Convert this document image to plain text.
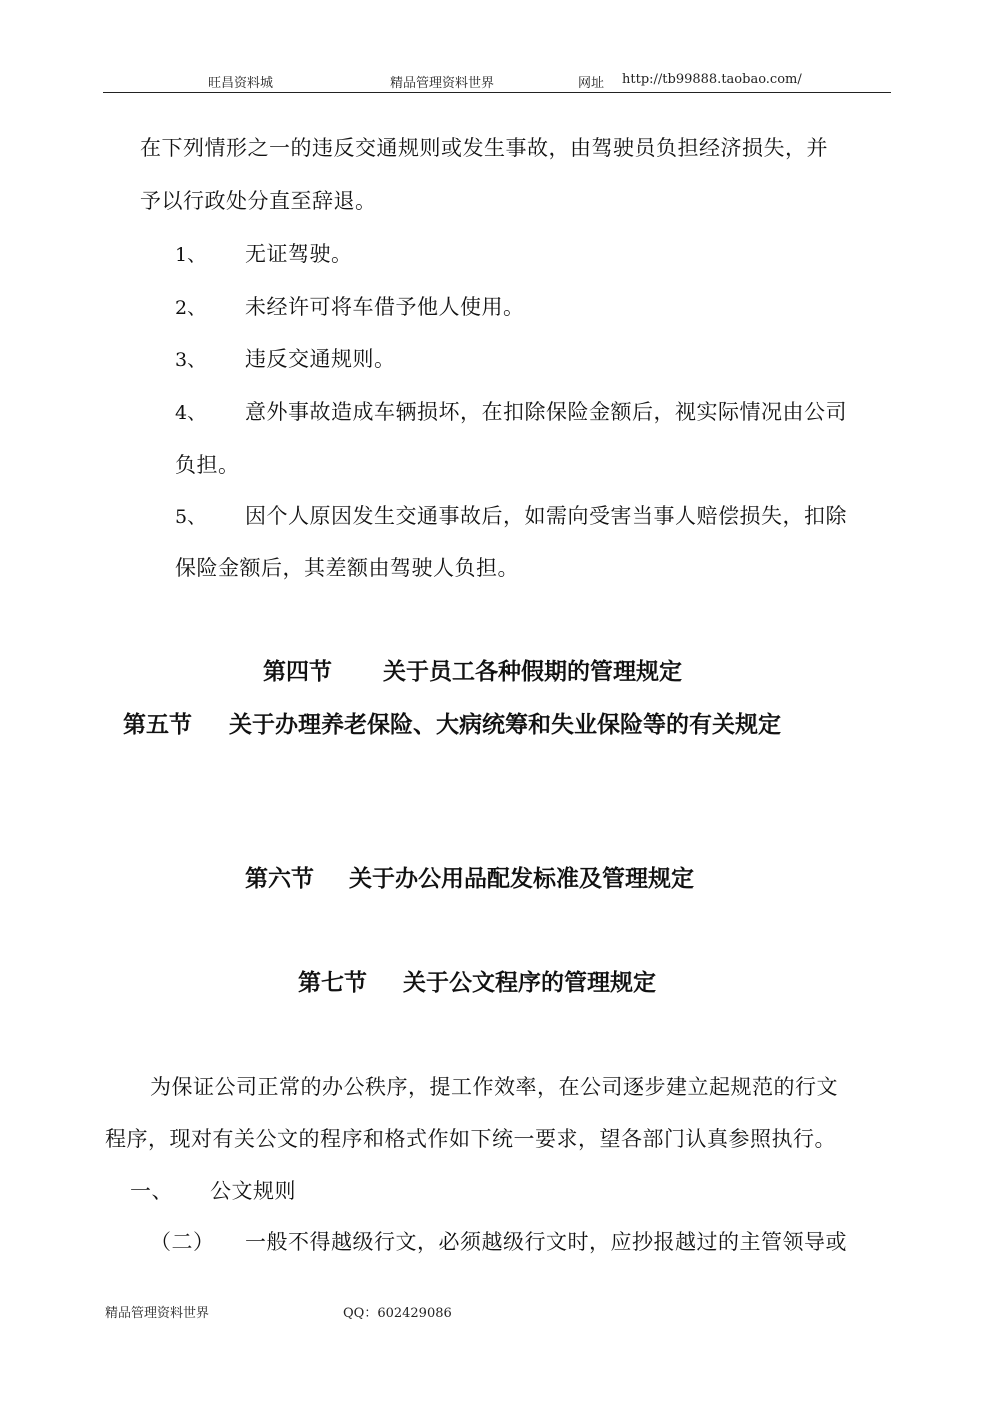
旺昌资料城	精品管理资料世界	网址 http://tb99888.taobao.com/
在下列情形之一的违反交通规则或发生事故，由驾驶员负担经济损失，并
予以行政处分直至辞退。
1、 无证驾驶。
2、 未经许可将车借予他人使用。
3、 违反交通规则。
4、 意外事故造成车辆损坏，在扣除保险金额后，视实际情况由公司
负担。
5、 因个人原因发生交通事故后，如需向受害当事人赔偿损失，扣除
保险金额后，其差额由驾驶人负担。
第四节 关于员工各种假期的管理规定
第五节 关于办理养老保险、大病统筹和失业保险等的有关规定
第六节 关于办公用品配发标准及管理规定
第七节 关于公文程序的管理规定
为保证公司正常的办公秩序，提工作效率，在公司逐步建立起规范的行文
程序，现对有关公文的程序和格式作如下统一要求，望各部门认真参照执行。
一、 公文规则
（二） 一般不得越级行文，必须越级行文时，应抄报越过的主管领导或
精品管理资料世界	QQ：602429086
